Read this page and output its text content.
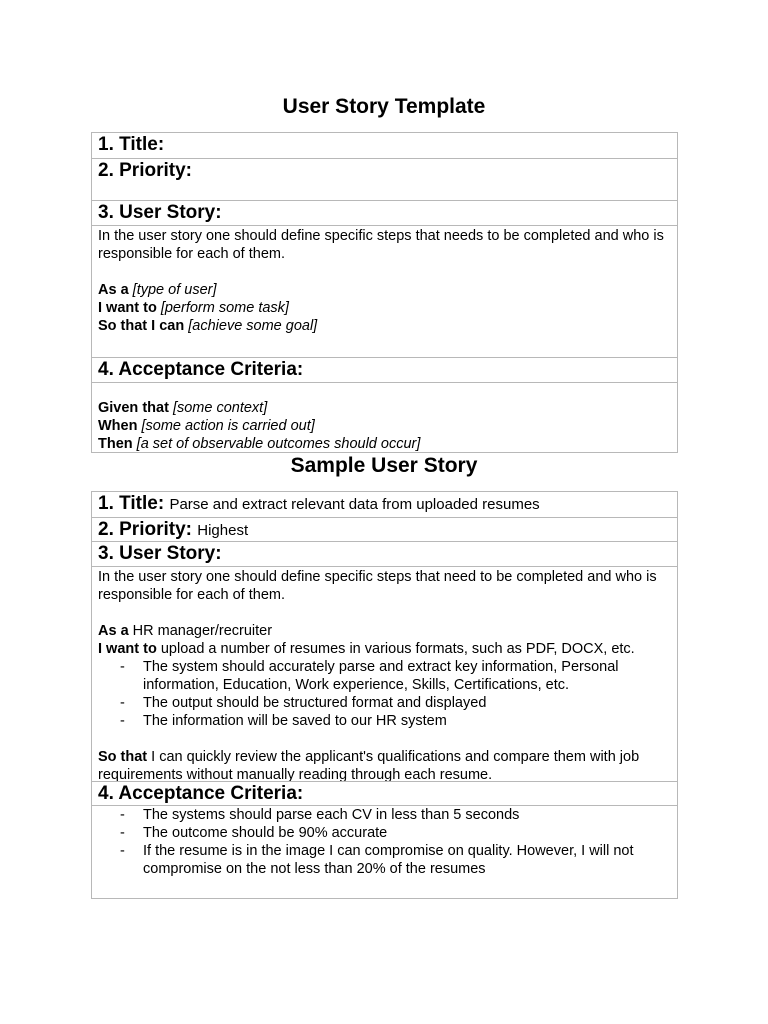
User Story Template
1. Title:
2. Priority:
3. User Story:

In the user story one should define specific steps that needs to be completed and who is responsible for each of them.

As a [type of user]

I want to [perform some task]

So that I can [achieve some goal]

4. Acceptance Criteria:

Given that [some context]

When [some action is carried out]

Then [a set of observable outcomes should occur]

Sample User Story
1. Title: Parse and extract relevant data from uploaded resumes
2. Priority: Highest
3. User Story:

In the user story one should define specific steps that need to be completed and who is responsible for each of them.

As a HR manager/recruiter

I want to upload a number of resumes in various formats, such as PDF, DOCX, etc.

- The system should accurately parse and extract key information, Personal information, Education, Work experience, Skills, Certifications, etc.
- The output should be structured format and displayed
- The information will be saved to our HR system

So that I can quickly review the applicant's qualifications and compare them with job requirements without manually reading through each resume.

4. Acceptance Criteria:
- The systems should parse each CV in less than 5 seconds
- The outcome should be 90% accurate
- If the resume is in the image I can compromise on quality. However, I will not compromise on the not less than 20% of the resumes
